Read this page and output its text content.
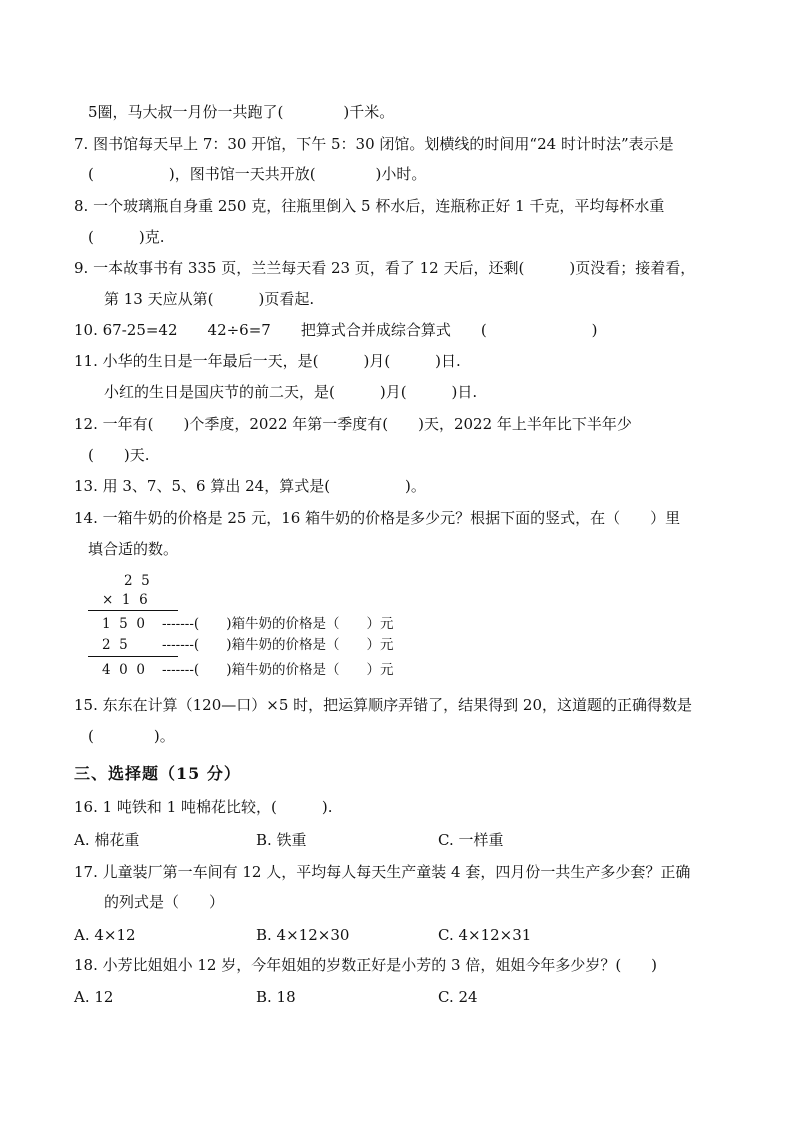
5圈，马大叔一月份一共跑了(　　　　)千米。
7. 图书馆每天早上 7：30 开馆，下午 5：30 闭馆。划横线的时间用“24 时计时法”表示是
(　　　　　)，图书馆一天共开放(　　　　)小时。
8. 一个玻璃瓶自身重 250 克，往瓶里倒入 5 杯水后，连瓶称正好 1 千克，平均每杯水重
(　　　)克.
9. 一本故事书有 335 页，兰兰每天看 23 页，看了 12 天后，还剩(　　　)页没看；接着看，
第 13 天应从第(　　　)页看起.
10. 67-25=42　　42÷6=7　　把算式合并成综合算式　　(　　　　　　　)
11. 小华的生日是一年最后一天，是(　　　)月(　　　)日.
小红的生日是国庆节的前二天，是(　　　)月(　　　)日.
12. 一年有(　　)个季度，2022 年第一季度有(　　)天，2022 年上半年比下半年少
(　　)天.
13. 用 3、7、5、6 算出 24，算式是(　　　　　)。
14. 一箱牛奶的价格是 25 元，16 箱牛奶的价格是多少元？根据下面的竖式，在（　　）里
填合适的数。
2  5
×  1  6
1  5  0 -------(　　)箱牛奶的价格是（　　）元
2  5	-------(　　)箱牛奶的价格是（　　）元
4  0  0 -------(　　)箱牛奶的价格是（　　）元
15. 东东在计算（120—口）×5 时，把运算顺序弄错了，结果得到 20，这道题的正确得数是
(　　　　)。
三、选择题（15 分）
16. 1 吨铁和 1 吨棉花比较，(　　　).
A. 棉花重	B. 铁重	C. 一样重
17. 儿童装厂第一车间有 12 人，平均每人每天生产童装 4 套，四月份一共生产多少套？正确
的列式是（　　）
A. 4×12	B. 4×12×30	C. 4×12×31
18. 小芳比姐姐小 12 岁，今年姐姐的岁数正好是小芳的 3 倍，姐姐今年多少岁？(　　)
A. 12	B. 18	C. 24
